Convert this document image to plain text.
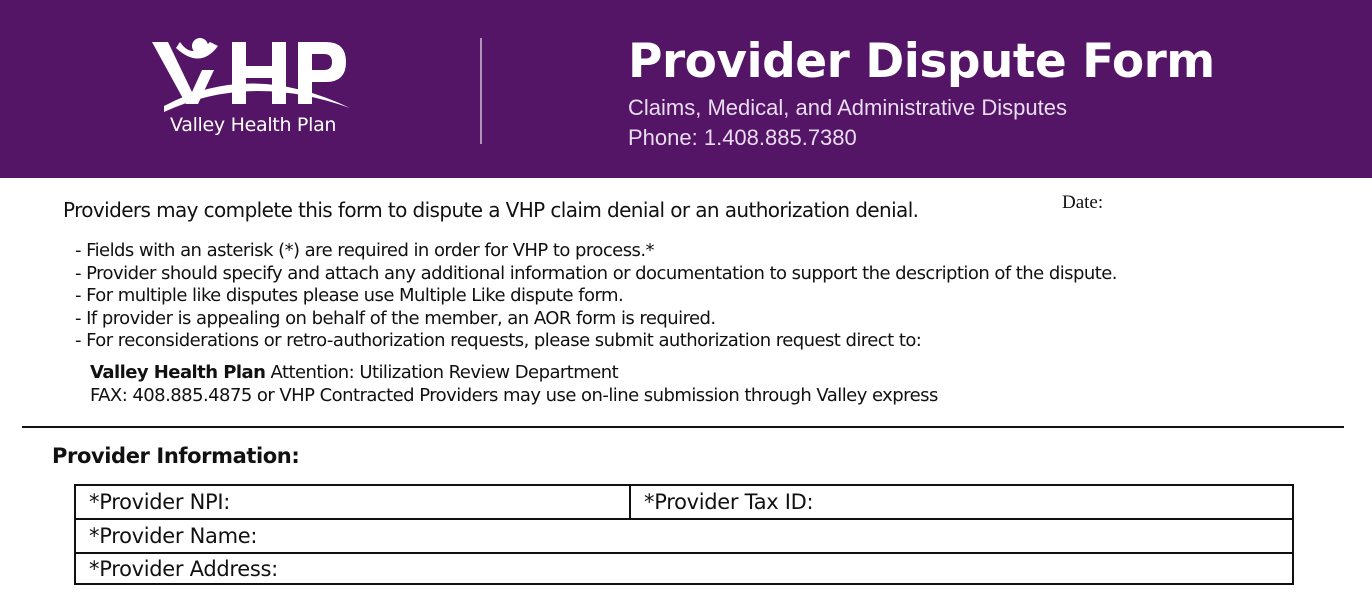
Valley Health Plan
Provider Dispute Form
Claims, Medical, and Administrative Disputes
Phone: 1.408.885.7380
Providers may complete this form to dispute a VHP claim denial or an authorization denial.	Date:
- Fields with an asterisk (*) are required in order for VHP to process.*
- Provider should specify and attach any additional information or documentation to support the description of the dispute.
- For multiple like disputes please use Multiple Like dispute form.
- If provider is appealing on behalf of the member, an AOR form is required.
- For reconsiderations or retro-authorization requests, please submit authorization request direct to:
Valley Health Plan Attention: Utilization Review Department
FAX: 408.885.4875 or VHP Contracted Providers may use on-line submission through Valley express
Provider Information:
*Provider NPI:	*Provider Tax ID:
*Provider Name:
*Provider Address:
